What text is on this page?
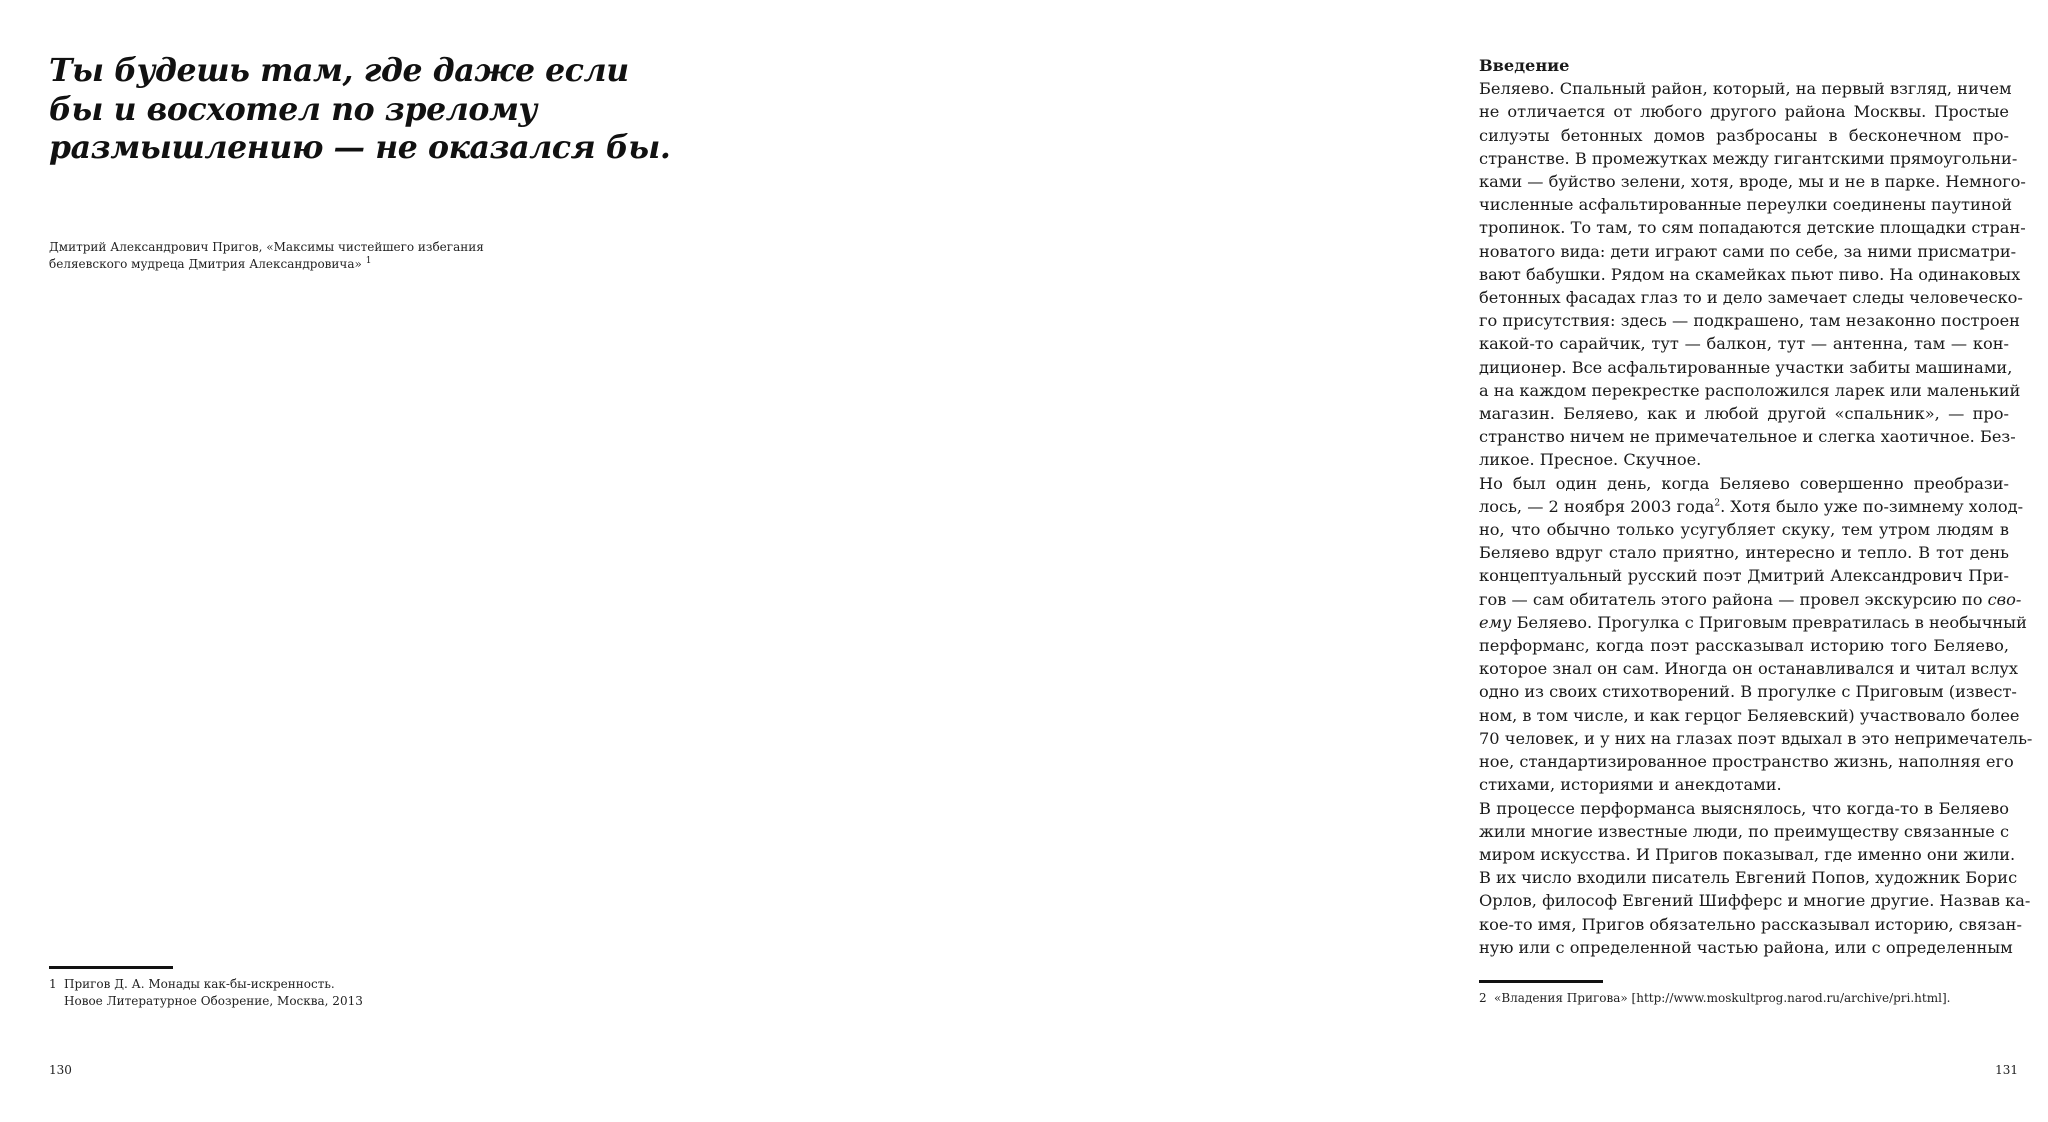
Ты будешь там, где даже если
бы и восхотел по зрелому
размышлению — не оказался бы.

Дмитрий Александрович Пригов, «Максимы чистейшего избегания
беляевского мудреца Дмитрия Александровича» $^1$

1 Пригов Д. А. Монады как-бы-искренность.
Новое Литературное Обозрение, Москва, 2013

130
Введение
Беляево. Спальный район, который, на первый взгляд, ничем
не отличается от любого другого района Москвы. Простые
силуэты бетонных домов разбросаны в бесконечном про-
странстве. В промежутках между гигантскими прямоугольни-
ками — буйство зелени, хотя, вроде, мы и не в парке. Немного-
численные асфальтированные переулки соединены паутиной
тропинок. То там, то сям попадаются детские площадки стран-
новатого вида: дети играют сами по себе, за ними присматри-
вают бабушки. Рядом на скамейках пьют пиво. На одинаковых
бетонных фасадах глаз то и дело замечает следы человеческо-
го присутствия: здесь — подкрашено, там незаконно построен
какой-то сарайчик, тут — балкон, тут — антенна, там — кон-
диционер. Все асфальтированные участки забиты машинами,
а на каждом перекрестке расположился ларек или маленький
магазин. Беляево, как и любой другой «спальник», — про-
странство ничем не примечательное и слегка хаотичное. Без-
ликое. Пресное. Скучное.
Но был один день, когда Беляево совершенно преобрази-
лось, — 2 ноября 2003 года$^2$. Хотя было уже по-зимнему холод-
но, что обычно только усугубляет скуку, тем утром людям в
Беляево вдруг стало приятно, интересно и тепло. В тот день
концептуальный русский поэт Дмитрий Александрович При-
гов — сам обитатель этого района — провел экскурсию по сво-
ему Беляево. Прогулка с Приговым превратилась в необычный
перформанс, когда поэт рассказывал историю того Беляево,
которое знал он сам. Иногда он останавливался и читал вслух
одно из своих стихотворений. В прогулке с Приговым (извест-
ном, в том числе, и как герцог Беляевский) участвовало более
70 человек, и у них на глазах поэт вдыхал в это непримечатель-
ное, стандартизированное пространство жизнь, наполняя его
стихами, историями и анекдотами.
В процессе перформанса выяснялось, что когда-то в Беляево
жили многие известные люди, по преимуществу связанные с
миром искусства. И Пригов показывал, где именно они жили.
В их число входили писатель Евгений Попов, художник Борис
Орлов, философ Евгений Шифферс и многие другие. Назвав ка-
кое-то имя, Пригов обязательно рассказывал историю, связан-
ную или с определенной частью района, или с определенным

2 «Владения Пригова» [http://www.moskultprog.narod.ru/archive/pri.html].

131
